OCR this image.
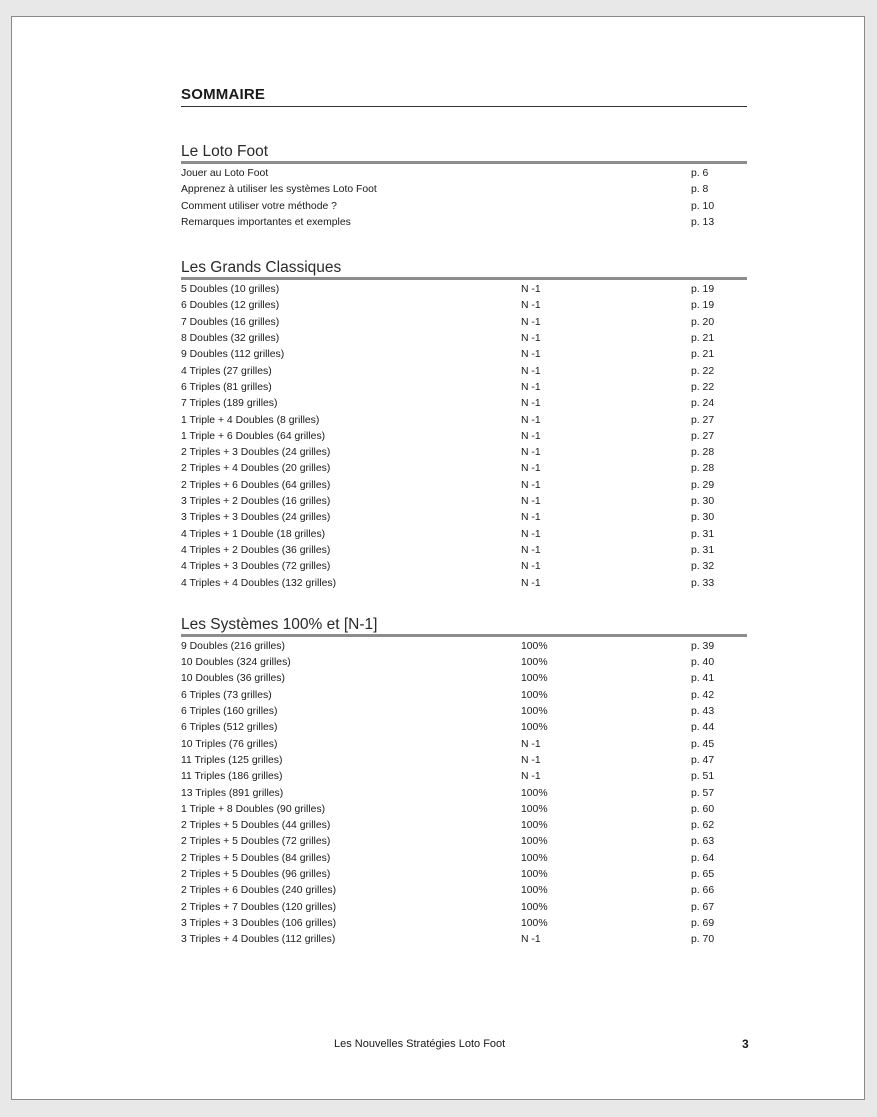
SOMMAIRE
Le Loto Foot
Jouer au Loto Foot	p. 6
Apprenez à utiliser les systèmes Loto Foot	p. 8
Comment utiliser votre méthode ?	p. 10
Remarques importantes et exemples	p. 13
Les Grands Classiques
5 Doubles (10 grilles)	N -1	p. 19
6 Doubles (12 grilles)	N -1	p. 19
7 Doubles (16 grilles)	N -1	p. 20
8 Doubles (32 grilles)	N -1	p. 21
9 Doubles (112 grilles)	N -1	p. 21
4 Triples (27 grilles)	N -1	p. 22
6 Triples (81 grilles)	N -1	p. 22
7 Triples (189 grilles)	N -1	p. 24
1 Triple + 4 Doubles (8 grilles)	N -1	p. 27
1 Triple + 6 Doubles (64 grilles)	N -1	p. 27
2 Triples + 3 Doubles (24 grilles)	N -1	p. 28
2 Triples + 4 Doubles (20 grilles)	N -1	p. 28
2 Triples + 6 Doubles (64 grilles)	N -1	p. 29
3 Triples + 2 Doubles (16 grilles)	N -1	p. 30
3 Triples + 3 Doubles (24 grilles)	N -1	p. 30
4 Triples + 1 Double (18 grilles)	N -1	p. 31
4 Triples + 2 Doubles (36 grilles)	N -1	p. 31
4 Triples + 3 Doubles (72 grilles)	N -1	p. 32
4 Triples + 4 Doubles (132 grilles)	N -1	p. 33
Les Systèmes 100% et [N-1]
9 Doubles (216 grilles)	100%	p. 39
10 Doubles (324 grilles)	100%	p. 40
10 Doubles (36 grilles)	100%	p. 41
6 Triples (73 grilles)	100%	p. 42
6 Triples (160 grilles)	100%	p. 43
6 Triples (512 grilles)	100%	p. 44
10 Triples (76 grilles)	N -1	p. 45
11 Triples (125 grilles)	N -1	p. 47
11 Triples (186 grilles)	N -1	p. 51
13 Triples (891 grilles)	100%	p. 57
1 Triple + 8 Doubles (90 grilles)	100%	p. 60
2 Triples + 5 Doubles (44 grilles)	100%	p. 62
2 Triples + 5 Doubles (72 grilles)	100%	p. 63
2 Triples + 5 Doubles (84 grilles)	100%	p. 64
2 Triples + 5 Doubles (96 grilles)	100%	p. 65
2 Triples + 6 Doubles (240 grilles)	100%	p. 66
2 Triples + 7 Doubles (120 grilles)	100%	p. 67
3 Triples + 3 Doubles (106 grilles)	100%	p. 69
3 Triples + 4 Doubles (112 grilles)	N -1	p. 70
Les Nouvelles Stratégies Loto Foot	3
